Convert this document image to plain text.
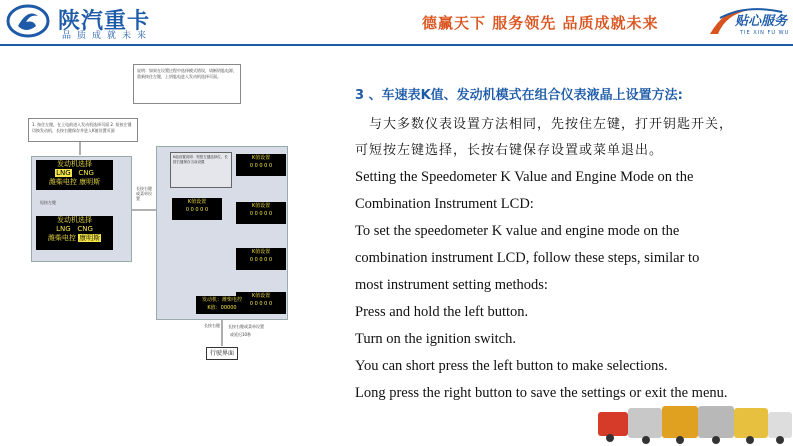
陕汽重卡
品质成就未来
德赢天下 服务领先 品质成就未来	贴心服务
TIE XIN FU WU
说明：如果在设置过程中选择模式错误，请断钥匙电源，重新按住左键，上钥匙电进入发动机选择页面。
1. 按住左键，在上电前进入发动机选择页面 2. 短按左键切换发动机，长按右键保存并进入K值设置页面
发动机选择
LNG CNG
潍柴电控 康明斯
短按左键
发动机选择
LNG CNG
潍柴电控 康明斯
长按右键或菜单设置
K值设置说明：短按左键选择位，长按右键保存当前设置
K值设置
0 0 0 0 0
K值设置
0 0 0 0 0
K值设置
0 0 0 0 0
K值设置
0 0 0 0 0
K值设置
0 0 0 0 0
长按右键或菜单设置
发动机：潍柴电控
K值：00000
长按右键
或延迟10秒
行驶界面
3 、车速表K值、发动机模式在组合仪表液晶上设置方法:
与大多数仪表设置方法相同，先按住左键，打开钥匙开关，可短按左键选择，长按右键保存设置或菜单退出。
Setting the Speedometer K Value and Engine Mode on the
Combination Instrument LCD:
To set the speedometer K value and engine mode on the
combination instrument LCD, follow these steps, similar to
most instrument setting methods:
Press and hold the left button.
Turn on the ignition switch.
You can short press the left button to make selections.
Long press the right button to save the settings or exit the menu.
